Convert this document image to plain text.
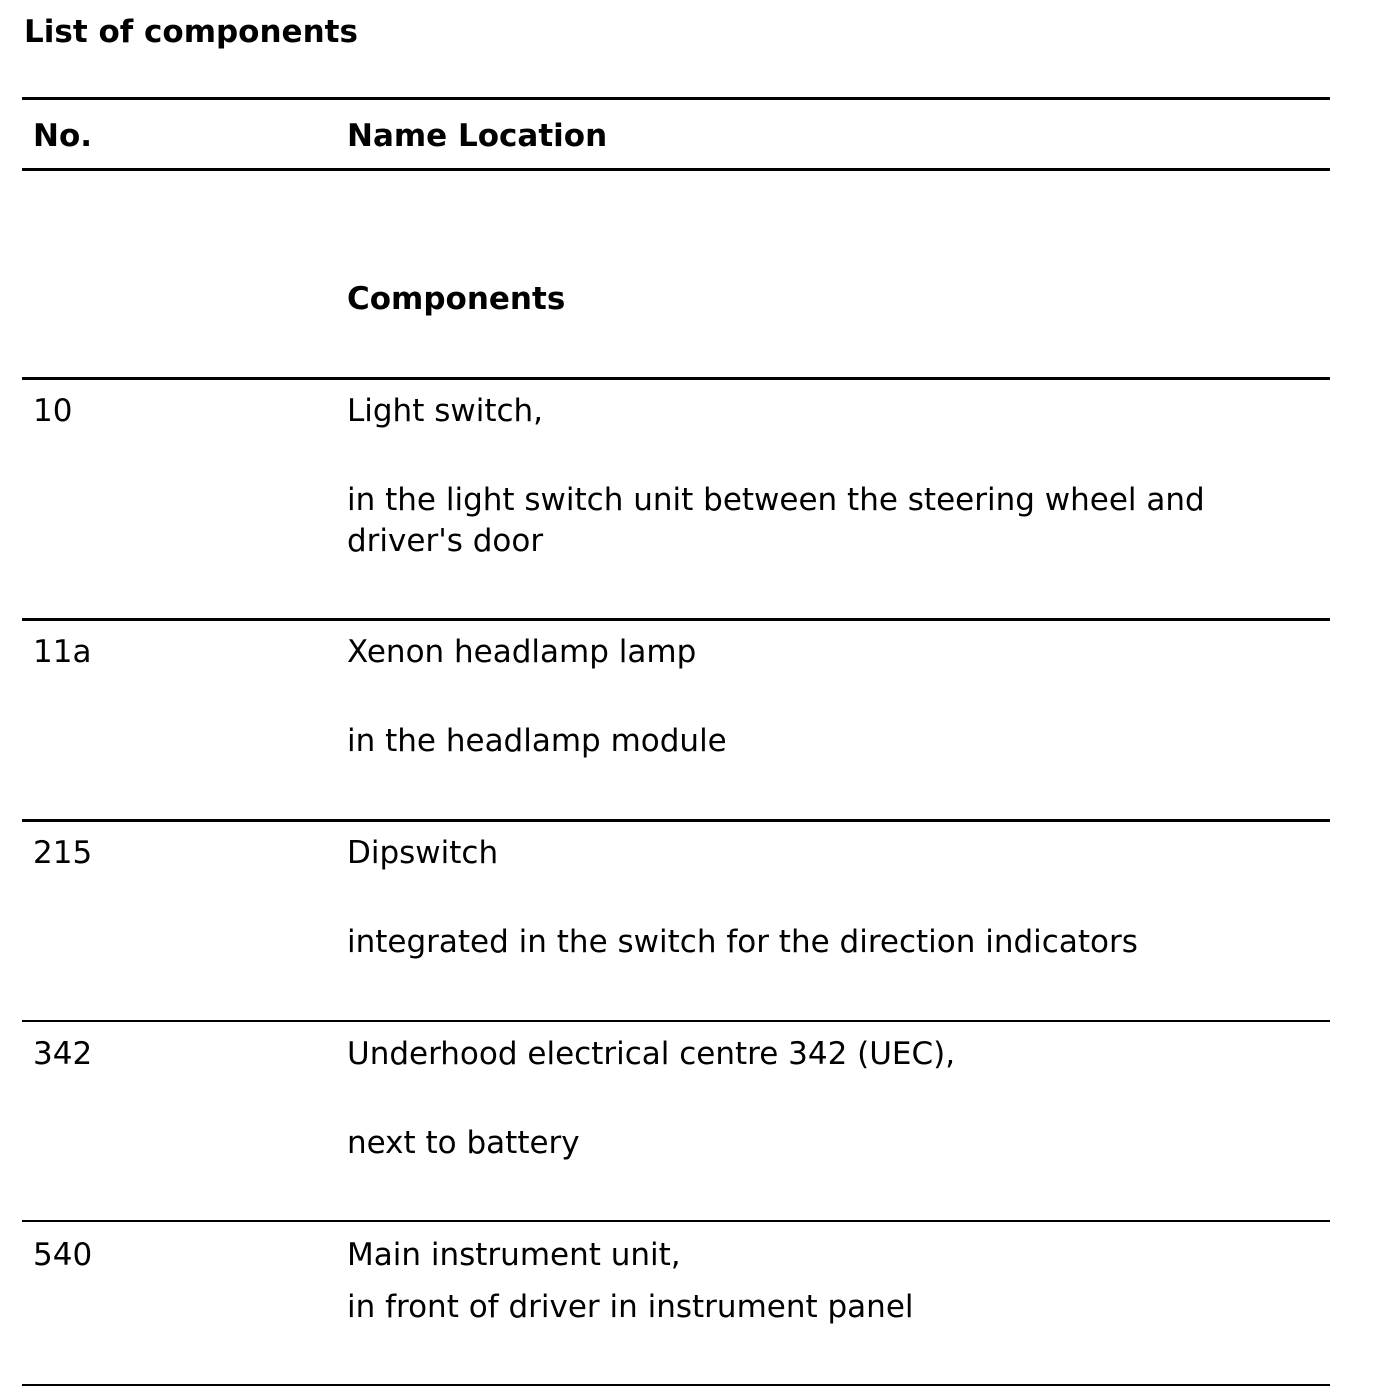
List of components
No.	Name Location
Components
10	Light switch,
in the light switch unit between the steering wheel and
driver's door
11a	Xenon headlamp lamp
in the headlamp module
215	Dipswitch
integrated in the switch for the direction indicators
342	Underhood electrical centre 342 (UEC),
next to battery
540	Main instrument unit,
in front of driver in instrument panel
